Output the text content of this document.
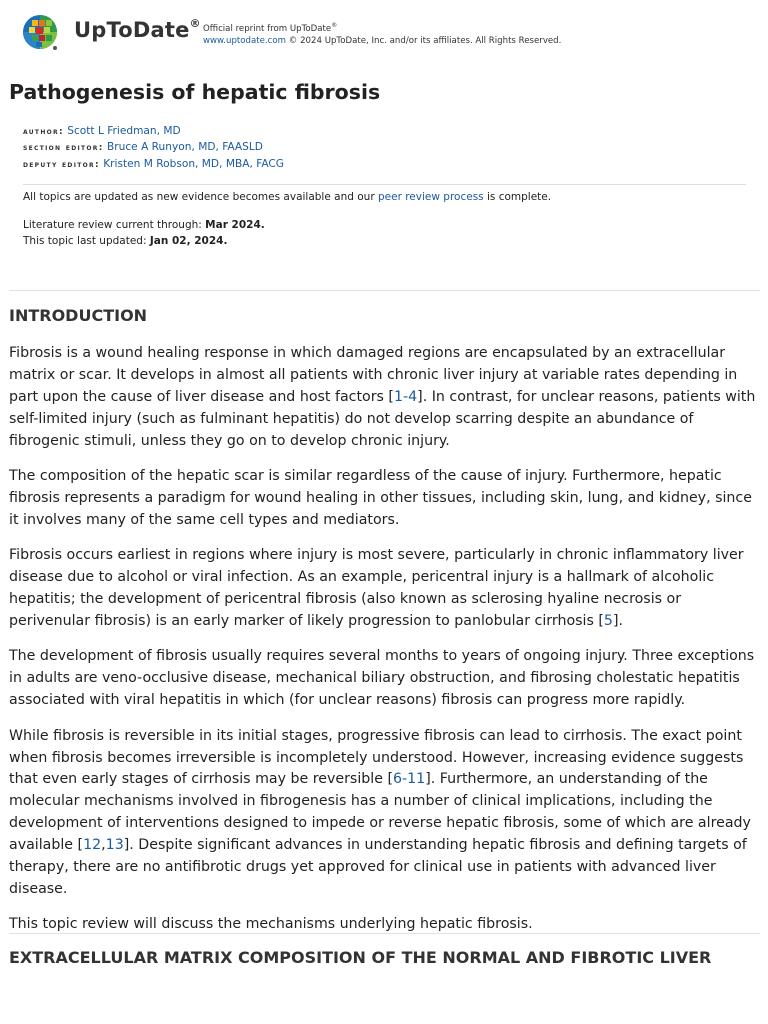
UpToDate® Official reprint from UpToDate®
www.uptodate.com © 2024 UpToDate, Inc. and/or its affiliates. All Rights Reserved.
Pathogenesis of hepatic fibrosis
author: Scott L Friedman, MD
section editor: Bruce A Runyon, MD, FAASLD
deputy editor: Kristen M Robson, MD, MBA, FACG
All topics are updated as new evidence becomes available and our peer review process is complete.
Literature review current through: Mar 2024.
This topic last updated: Jan 02, 2024.
INTRODUCTION

Fibrosis is a wound healing response in which damaged regions are encapsulated by an extracellular matrix or scar. It develops in almost all patients with chronic liver injury at variable rates depending in part upon the cause of liver disease and host factors [1-4]. In contrast, for unclear reasons, patients with self-limited injury (such as fulminant hepatitis) do not develop scarring despite an abundance of fibrogenic stimuli, unless they go on to develop chronic injury.

The composition of the hepatic scar is similar regardless of the cause of injury. Furthermore, hepatic fibrosis represents a paradigm for wound healing in other tissues, including skin, lung, and kidney, since it involves many of the same cell types and mediators.

Fibrosis occurs earliest in regions where injury is most severe, particularly in chronic inflammatory liver disease due to alcohol or viral infection. As an example, pericentral injury is a hallmark of alcoholic hepatitis; the development of pericentral fibrosis (also known as sclerosing hyaline necrosis or perivenular fibrosis) is an early marker of likely progression to panlobular cirrhosis [5].

The development of fibrosis usually requires several months to years of ongoing injury. Three exceptions in adults are veno-occlusive disease, mechanical biliary obstruction, and fibrosing cholestatic hepatitis associated with viral hepatitis in which (for unclear reasons) fibrosis can progress more rapidly.

While fibrosis is reversible in its initial stages, progressive fibrosis can lead to cirrhosis. The exact point when fibrosis becomes irreversible is incompletely understood. However, increasing evidence suggests that even early stages of cirrhosis may be reversible [6-11]. Furthermore, an understanding of the molecular mechanisms involved in fibrogenesis has a number of clinical implications, including the development of interventions designed to impede or reverse hepatic fibrosis, some of which are already available [12,13]. Despite significant advances in understanding hepatic fibrosis and defining targets of therapy, there are no antifibrotic drugs yet approved for clinical use in patients with advanced liver disease.

This topic review will discuss the mechanisms underlying hepatic fibrosis.

EXTRACELLULAR MATRIX COMPOSITION OF THE NORMAL AND FIBROTIC LIVER
